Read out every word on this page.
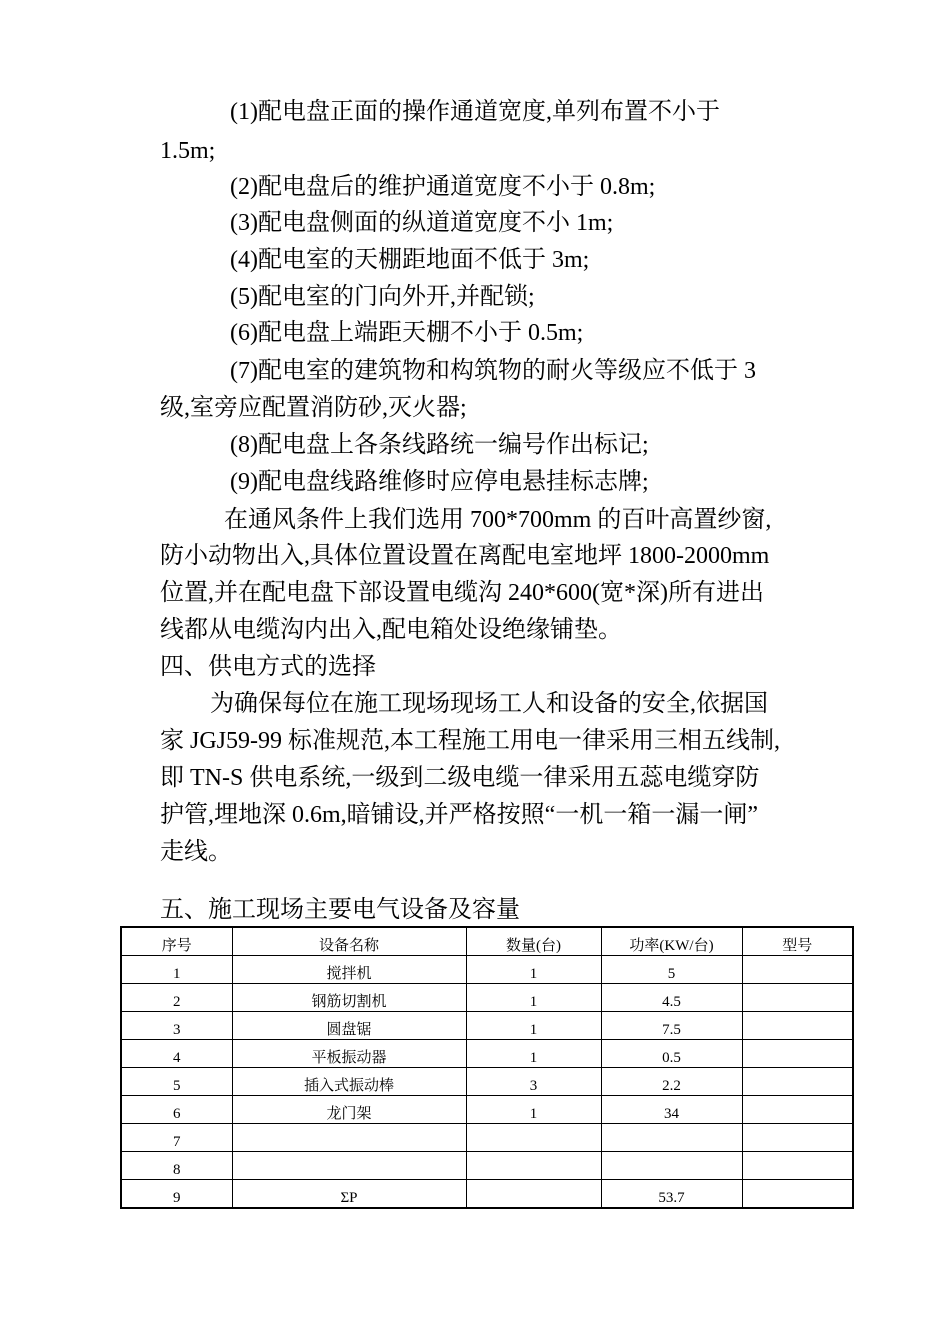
(1)配电盘正面的操作通道宽度,单列布置不小于
1.5m;
(2)配电盘后的维护通道宽度不小于 0.8m;
(3)配电盘侧面的纵道道宽度不小 1m;
(4)配电室的天棚距地面不低于 3m;
(5)配电室的门向外开,并配锁;
(6)配电盘上端距天棚不小于 0.5m;
(7)配电室的建筑物和构筑物的耐火等级应不低于 3
级,室旁应配置消防砂,灭火器;
(8)配电盘上各条线路统一编号作出标记;
(9)配电盘线路维修时应停电悬挂标志牌;
在通风条件上我们选用 700*700mm 的百叶高置纱窗,
防小动物出入,具体位置设置在离配电室地坪 1800-2000mm
位置,并在配电盘下部设置电缆沟 240*600(宽*深)所有进出
线都从电缆沟内出入,配电箱处设绝缘铺垫。
四、供电方式的选择
为确保每位在施工现场现场工人和设备的安全,依据国
家 JGJ59-99 标准规范,本工程施工用电一律采用三相五线制,
即 TN-S 供电系统,一级到二级电缆一律采用五蕊电缆穿防
护管,埋地深 0.6m,暗铺设,并严格按照“一机一箱一漏一闸”
走线。
五、施工现场主要电气设备及容量
序号	设备名称	数量(台)	功率(KW/台)	型号
1	搅拌机	1	5	
2	钢筋切割机	1	4.5	
3	圆盘锯	1	7.5	
4	平板振动器	1	0.5	
5	插入式振动棒	3	2.2	
6	龙门架	1	34	
7				
8				
9	ΣP		53.7	
